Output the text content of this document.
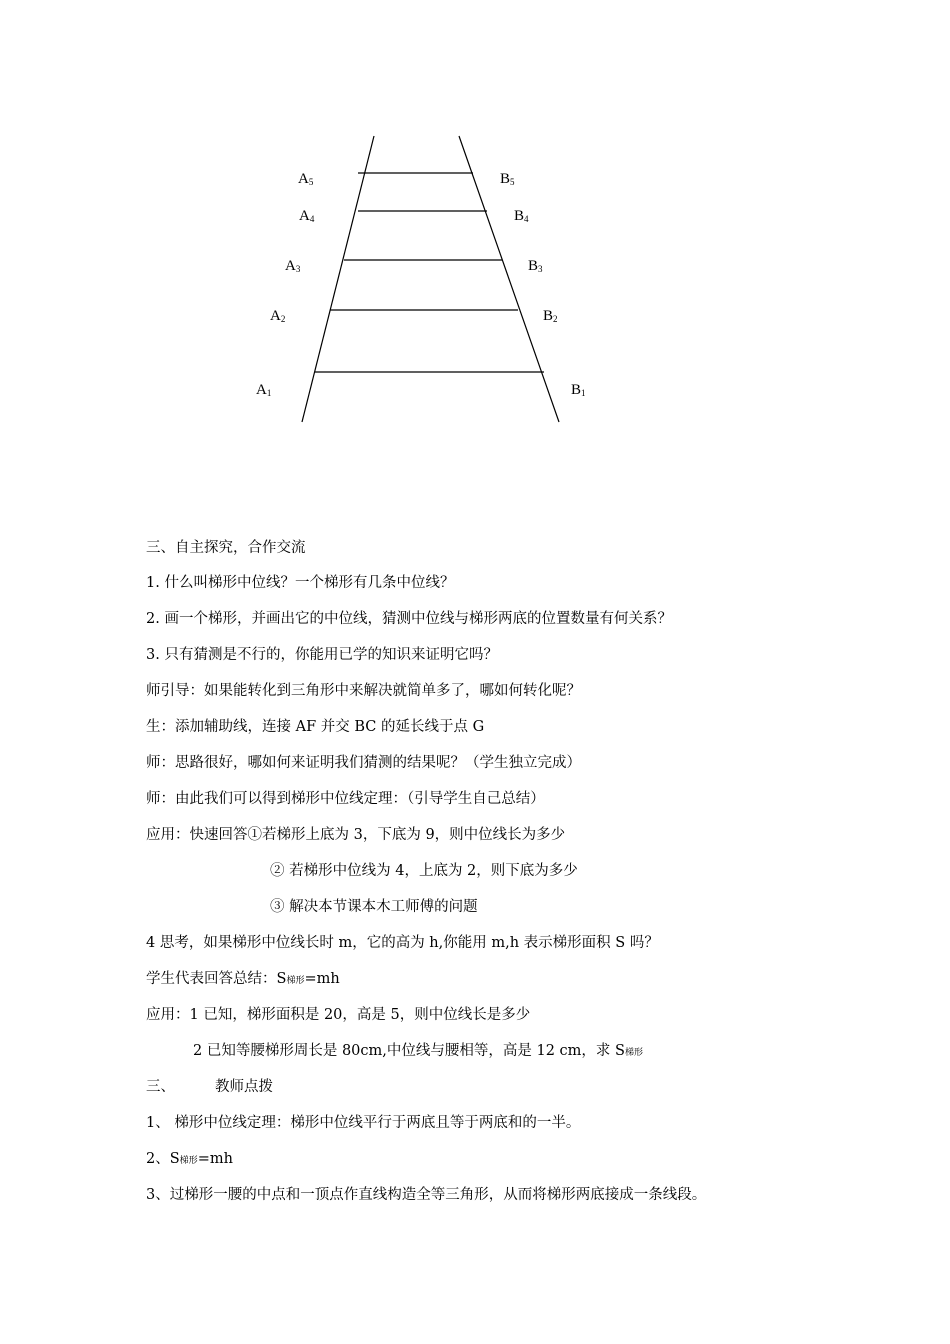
$A_5$
$A_4$
$A_3$
$A_2$
$A_1$
$B_5$
$B_4$
$B_3$
$B_2$
$B_1$
三、自主探究，合作交流
1. 什么叫梯形中位线？一个梯形有几条中位线？
2. 画一个梯形，并画出它的中位线，猜测中位线与梯形两底的位置数量有何关系？
3. 只有猜测是不行的，你能用已学的知识来证明它吗？
师引导：如果能转化到三角形中来解决就简单多了，哪如何转化呢？
生：添加辅助线，连接 AF 并交 BC 的延长线于点 G
师：思路很好，哪如何来证明我们猜测的结果呢？（学生独立完成）
师：由此我们可以得到梯形中位线定理：（引导学生自己总结）
应用：快速回答①若梯形上底为 3，下底为 9，则中位线长为多少
② 若梯形中位线为 4，上底为 2，则下底为多少
③ 解决本节课本木工师傅的问题
4 思考，如果梯形中位线长时 m，它的高为 h,你能用 m,h 表示梯形面积 S 吗？
学生代表回答总结：S梯形=mh
应用：1 已知，梯形面积是 20，高是 5，则中位线长是多少
2 已知等腰梯形周长是 80cm,中位线与腰相等，高是 12 cm，求 S梯形
三、	教师点拨
1、 梯形中位线定理：梯形中位线平行于两底且等于两底和的一半。
2、S梯形=mh
3、过梯形一腰的中点和一顶点作直线构造全等三角形，从而将梯形两底接成一条线段。
